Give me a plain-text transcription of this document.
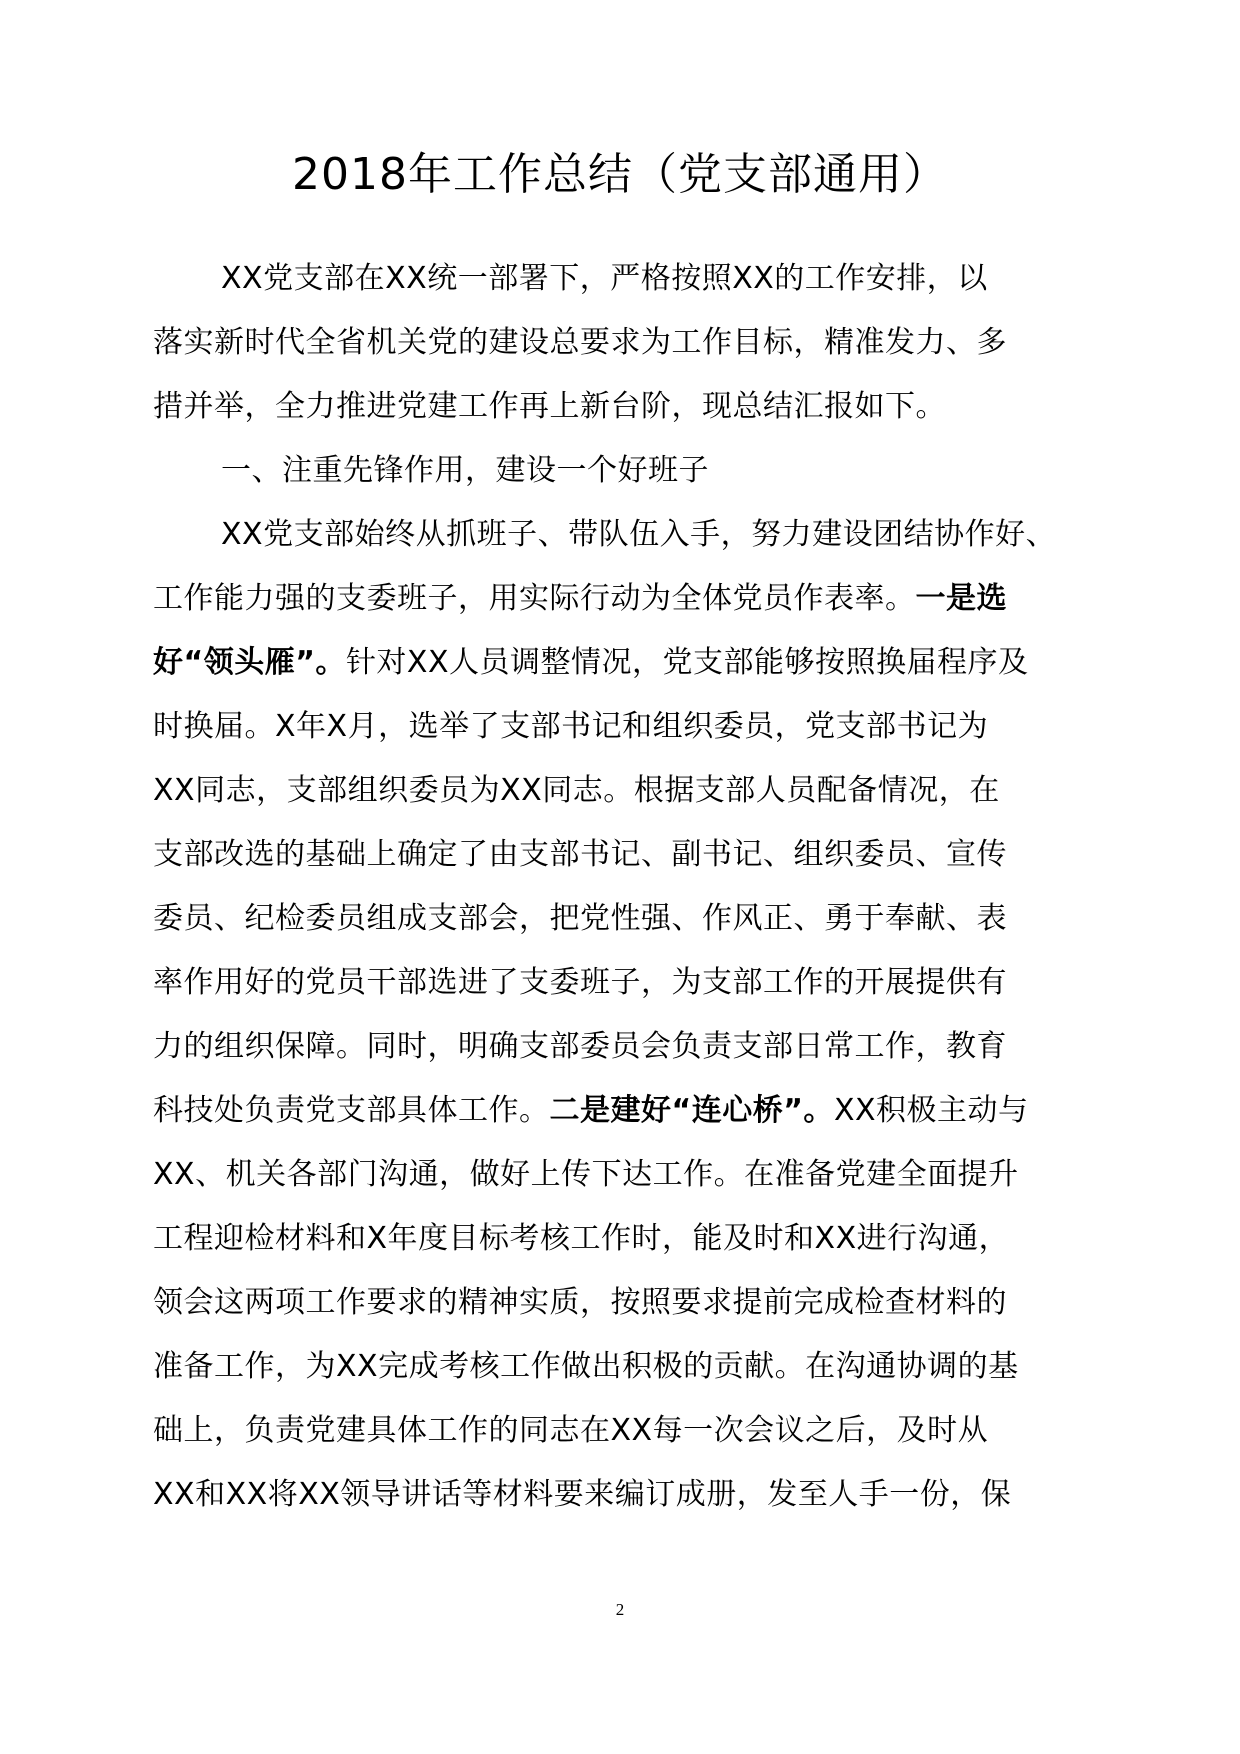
2018年工作总结（党支部通用）
XX党支部在XX统一部署下，严格按照XX的工作安排，以
落实新时代全省机关党的建设总要求为工作目标，精准发力、多
措并举，全力推进党建工作再上新台阶，现总结汇报如下。
一、注重先锋作用，建设一个好班子
XX党支部始终从抓班子、带队伍入手，努力建设团结协作好、
工作能力强的支委班子，用实际行动为全体党员作表率。一是选
好“领头雁”。针对XX人员调整情况，党支部能够按照换届程序及
时换届。X年X月，选举了支部书记和组织委员，党支部书记为
XX同志，支部组织委员为XX同志。根据支部人员配备情况，在
支部改选的基础上确定了由支部书记、副书记、组织委员、宣传
委员、纪检委员组成支部会，把党性强、作风正、勇于奉献、表
率作用好的党员干部选进了支委班子，为支部工作的开展提供有
力的组织保障。同时，明确支部委员会负责支部日常工作，教育
科技处负责党支部具体工作。二是建好“连心桥”。XX积极主动与
XX、机关各部门沟通，做好上传下达工作。在准备党建全面提升
工程迎检材料和X年度目标考核工作时，能及时和XX进行沟通，
领会这两项工作要求的精神实质，按照要求提前完成检查材料的
准备工作，为XX完成考核工作做出积极的贡献。在沟通协调的基
础上，负责党建具体工作的同志在XX每一次会议之后，及时从
XX和XX将XX领导讲话等材料要来编订成册，发至人手一份，保
2
